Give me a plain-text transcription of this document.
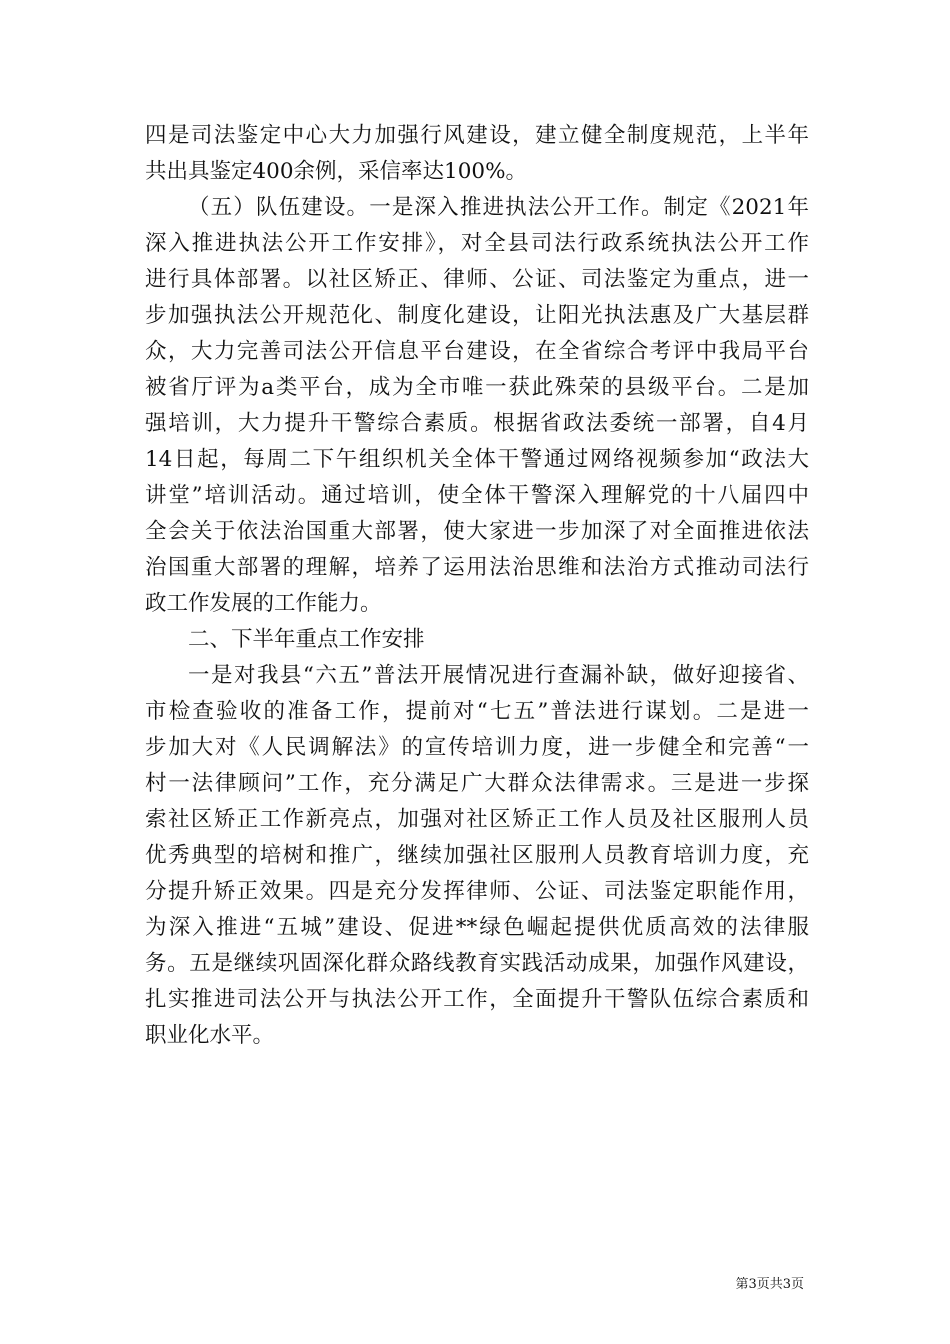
四是司法鉴定中心大力加强行风建设，建立健全制度规范，上半年
共出具鉴定400余例，采信率达100%。
（五）队伍建设。一是深入推进执法公开工作。制定《2021年
深入推进执法公开工作安排》，对全县司法行政系统执法公开工作
进行具体部署。以社区矫正、律师、公证、司法鉴定为重点，进一
步加强执法公开规范化、制度化建设，让阳光执法惠及广大基层群
众，大力完善司法公开信息平台建设，在全省综合考评中我局平台
被省厅评为a类平台，成为全市唯一获此殊荣的县级平台。二是加
强培训，大力提升干警综合素质。根据省政法委统一部署，自4月
14日起，每周二下午组织机关全体干警通过网络视频参加“政法大
讲堂”培训活动。通过培训，使全体干警深入理解党的十八届四中
全会关于依法治国重大部署，使大家进一步加深了对全面推进依法
治国重大部署的理解，培养了运用法治思维和法治方式推动司法行
政工作发展的工作能力。
二、下半年重点工作安排
一是对我县“六五”普法开展情况进行查漏补缺，做好迎接省、
市检查验收的准备工作，提前对“七五”普法进行谋划。二是进一
步加大对《人民调解法》的宣传培训力度，进一步健全和完善“一
村一法律顾问”工作，充分满足广大群众法律需求。三是进一步探
索社区矫正工作新亮点，加强对社区矫正工作人员及社区服刑人员
优秀典型的培树和推广，继续加强社区服刑人员教育培训力度，充
分提升矫正效果。四是充分发挥律师、公证、司法鉴定职能作用，
为深入推进“五城”建设、促进**绿色崛起提供优质高效的法律服
务。五是继续巩固深化群众路线教育实践活动成果，加强作风建设，
扎实推进司法公开与执法公开工作，全面提升干警队伍综合素质和
职业化水平。
第3页共3页
